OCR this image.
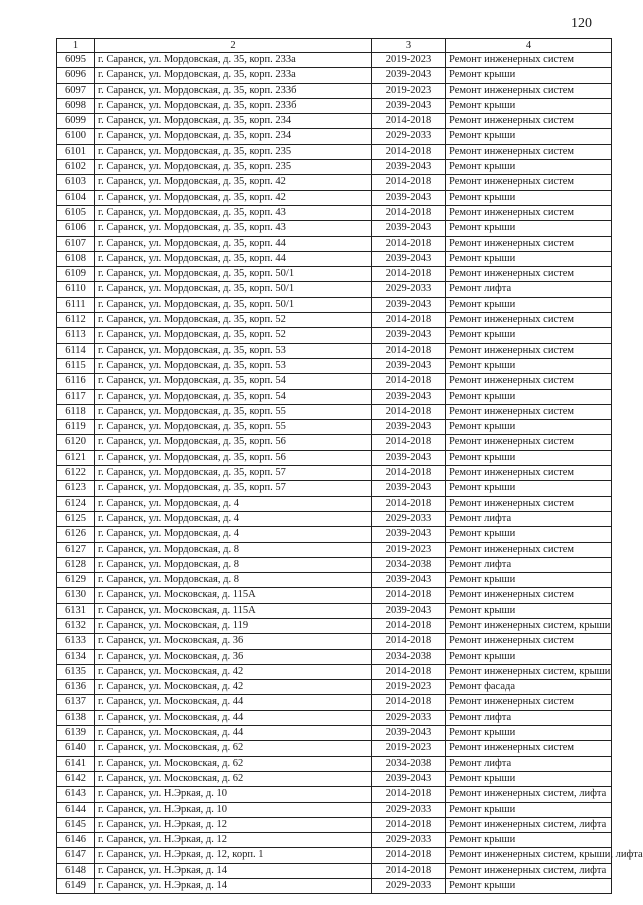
120
1	2	3	4
6095	г. Саранск, ул. Мордовская, д. 35, корп. 233а	2019-2023	Ремонт инженерных систем
6096	г. Саранск, ул. Мордовская, д. 35, корп. 233а	2039-2043	Ремонт крыши
6097	г. Саранск, ул. Мордовская, д. 35, корп. 233б	2019-2023	Ремонт инженерных систем
6098	г. Саранск, ул. Мордовская, д. 35, корп. 233б	2039-2043	Ремонт крыши
6099	г. Саранск, ул. Мордовская, д. 35, корп. 234	2014-2018	Ремонт инженерных систем
6100	г. Саранск, ул. Мордовская, д. 35, корп. 234	2029-2033	Ремонт крыши
6101	г. Саранск, ул. Мордовская, д. 35, корп. 235	2014-2018	Ремонт инженерных систем
6102	г. Саранск, ул. Мордовская, д. 35, корп. 235	2039-2043	Ремонт крыши
6103	г. Саранск, ул. Мордовская, д. 35, корп. 42	2014-2018	Ремонт инженерных систем
6104	г. Саранск, ул. Мордовская, д. 35, корп. 42	2039-2043	Ремонт крыши
6105	г. Саранск, ул. Мордовская, д. 35, корп. 43	2014-2018	Ремонт инженерных систем
6106	г. Саранск, ул. Мордовская, д. 35, корп. 43	2039-2043	Ремонт крыши
6107	г. Саранск, ул. Мордовская, д. 35, корп. 44	2014-2018	Ремонт инженерных систем
6108	г. Саранск, ул. Мордовская, д. 35, корп. 44	2039-2043	Ремонт крыши
6109	г. Саранск, ул. Мордовская, д. 35, корп. 50/1	2014-2018	Ремонт инженерных систем
6110	г. Саранск, ул. Мордовская, д. 35, корп. 50/1	2029-2033	Ремонт лифта
6111	г. Саранск, ул. Мордовская, д. 35, корп. 50/1	2039-2043	Ремонт крыши
6112	г. Саранск, ул. Мордовская, д. 35, корп. 52	2014-2018	Ремонт инженерных систем
6113	г. Саранск, ул. Мордовская, д. 35, корп. 52	2039-2043	Ремонт крыши
6114	г. Саранск, ул. Мордовская, д. 35, корп. 53	2014-2018	Ремонт инженерных систем
6115	г. Саранск, ул. Мордовская, д. 35, корп. 53	2039-2043	Ремонт крыши
6116	г. Саранск, ул. Мордовская, д. 35, корп. 54	2014-2018	Ремонт инженерных систем
6117	г. Саранск, ул. Мордовская, д. 35, корп. 54	2039-2043	Ремонт крыши
6118	г. Саранск, ул. Мордовская, д. 35, корп. 55	2014-2018	Ремонт инженерных систем
6119	г. Саранск, ул. Мордовская, д. 35, корп. 55	2039-2043	Ремонт крыши
6120	г. Саранск, ул. Мордовская, д. 35, корп. 56	2014-2018	Ремонт инженерных систем
6121	г. Саранск, ул. Мордовская, д. 35, корп. 56	2039-2043	Ремонт крыши
6122	г. Саранск, ул. Мордовская, д. 35, корп. 57	2014-2018	Ремонт инженерных систем
6123	г. Саранск, ул. Мордовская, д. 35, корп. 57	2039-2043	Ремонт крыши
6124	г. Саранск, ул. Мордовская, д. 4	2014-2018	Ремонт инженерных систем
6125	г. Саранск, ул. Мордовская, д. 4	2029-2033	Ремонт лифта
6126	г. Саранск, ул. Мордовская, д. 4	2039-2043	Ремонт крыши
6127	г. Саранск, ул. Мордовская, д. 8	2019-2023	Ремонт инженерных систем
6128	г. Саранск, ул. Мордовская, д. 8	2034-2038	Ремонт лифта
6129	г. Саранск, ул. Мордовская, д. 8	2039-2043	Ремонт крыши
6130	г. Саранск, ул. Московская, д. 115А	2014-2018	Ремонт инженерных систем
6131	г. Саранск, ул. Московская, д. 115А	2039-2043	Ремонт крыши
6132	г. Саранск, ул. Московская, д. 119	2014-2018	Ремонт инженерных систем, крыши
6133	г. Саранск, ул. Московская, д. 36	2014-2018	Ремонт инженерных систем
6134	г. Саранск, ул. Московская, д. 36	2034-2038	Ремонт крыши
6135	г. Саранск, ул. Московская, д. 42	2014-2018	Ремонт инженерных систем, крыши
6136	г. Саранск, ул. Московская, д. 42	2019-2023	Ремонт фасада
6137	г. Саранск, ул. Московская, д. 44	2014-2018	Ремонт инженерных систем
6138	г. Саранск, ул. Московская, д. 44	2029-2033	Ремонт лифта
6139	г. Саранск, ул. Московская, д. 44	2039-2043	Ремонт крыши
6140	г. Саранск, ул. Московская, д. 62	2019-2023	Ремонт инженерных систем
6141	г. Саранск, ул. Московская, д. 62	2034-2038	Ремонт лифта
6142	г. Саранск, ул. Московская, д. 62	2039-2043	Ремонт крыши
6143	г. Саранск, ул. Н.Эркая, д. 10	2014-2018	Ремонт инженерных систем, лифта
6144	г. Саранск, ул. Н.Эркая, д. 10	2029-2033	Ремонт крыши
6145	г. Саранск, ул. Н.Эркая, д. 12	2014-2018	Ремонт инженерных систем, лифта
6146	г. Саранск, ул. Н.Эркая, д. 12	2029-2033	Ремонт крыши
6147	г. Саранск, ул. Н.Эркая, д. 12, корп. 1	2014-2018	Ремонт инженерных систем, крыши, лифта
6148	г. Саранск, ул. Н.Эркая, д. 14	2014-2018	Ремонт инженерных систем, лифта
6149	г. Саранск, ул. Н.Эркая, д. 14	2029-2033	Ремонт крыши
